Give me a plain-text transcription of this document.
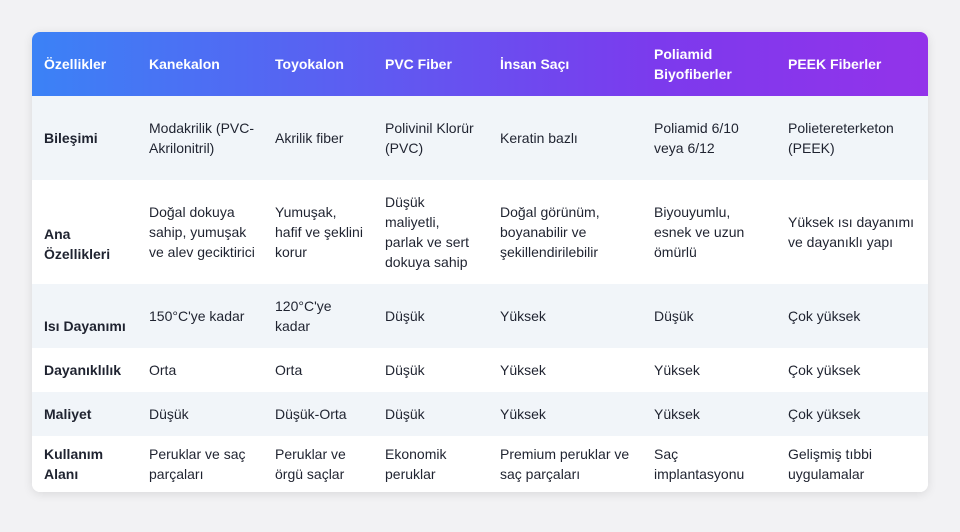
Özellikler	Kanekalon	Toyokalon	PVC Fiber	İnsan Saçı	Poliamid Biyofiberler	PEEK Fiberler
Bileşimi	Modakrilik (PVC-Akrilonitril)	Akrilik fiber	Polivinil Klorür (PVC)	Keratin bazlı	Poliamid 6/10 veya 6/12	Polietereterketon (PEEK)

Ana Özellikleri	Doğal dokuya sahip, yumuşak ve alev geciktirici	Yumuşak, hafif ve şeklini korur	Düşük maliyetli, parlak ve sert dokuya sahip	Doğal görünüm, boyanabilir ve şekillendirilebilir	Biyouyumlu, esnek ve uzun ömürlü	Yüksek ısı dayanımı ve dayanıklı yapı

Isı Dayanımı	150°C'ye kadar	120°C'ye kadar	Düşük	Yüksek	Düşük	Çok yüksek
Dayanıklılık	Orta	Orta	Düşük	Yüksek	Yüksek	Çok yüksek
Maliyet	Düşük	Düşük-Orta	Düşük	Yüksek	Yüksek	Çok yüksek
Kullanım Alanı	Peruklar ve saç parçaları	Peruklar ve örgü saçlar	Ekonomik peruklar	Premium peruklar ve saç parçaları	Saç implantasyonu	Gelişmiş tıbbi uygulamalar
